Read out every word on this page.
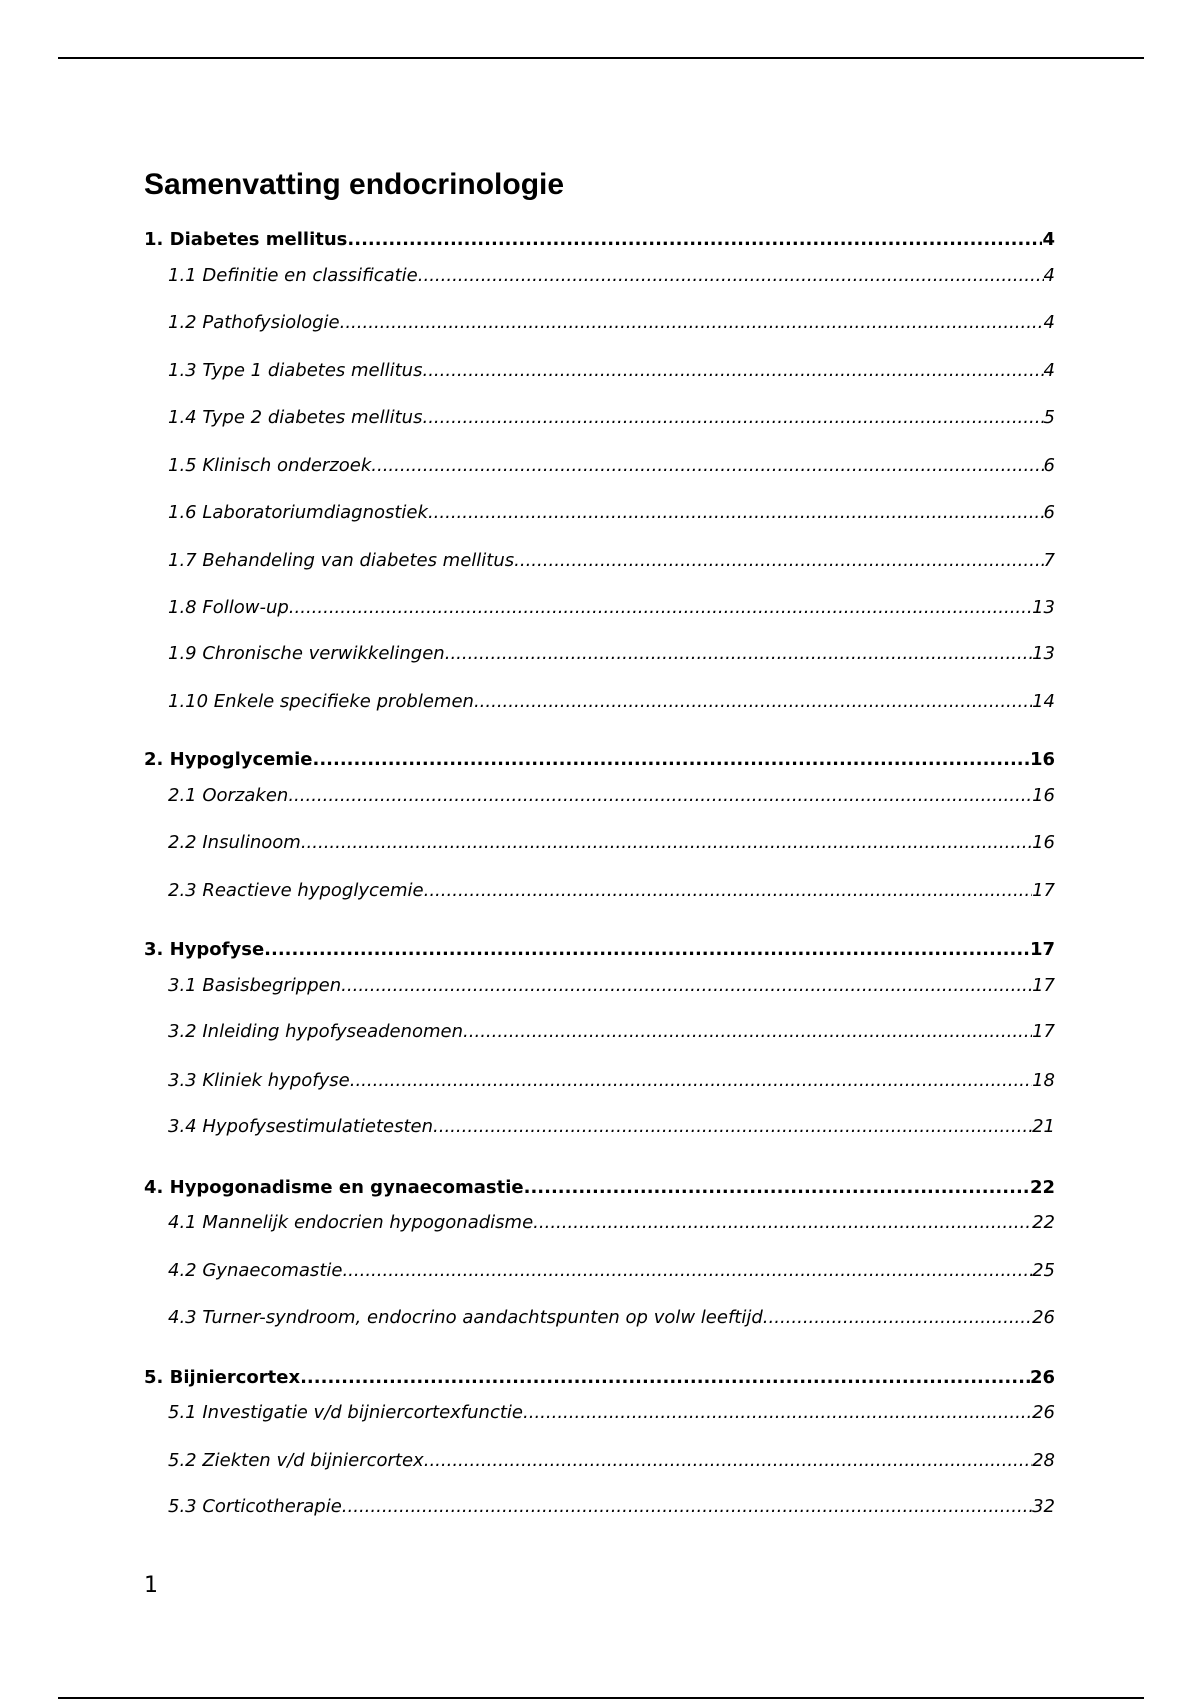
Samenvatting endocrinologie
1. Diabetes mellitus .....	4
1.1 Definitie en classificatie .....	4
1.2 Pathofysiologie .....	4
1.3 Type 1 diabetes mellitus .....	4
1.4 Type 2 diabetes mellitus .....	5
1.5 Klinisch onderzoek .....	6
1.6 Laboratoriumdiagnostiek .....	6
1.7 Behandeling van diabetes mellitus .....	7
1.8 Follow-up .....	13
1.9 Chronische verwikkelingen .....	13
1.10 Enkele specifieke problemen .....	14
2. Hypoglycemie .....	16
2.1 Oorzaken .....	16
2.2 Insulinoom .....	16
2.3 Reactieve hypoglycemie .....	17
3. Hypofyse .....	17
3.1 Basisbegrippen .....	17
3.2 Inleiding hypofyseadenomen .....	17
3.3 Kliniek hypofyse .....	18
3.4 Hypofysestimulatietesten .....	21
4. Hypogonadisme en gynaecomastie .....	22
4.1 Mannelijk endocrien hypogonadisme .....	22
4.2 Gynaecomastie .....	25
4.3 Turner-syndroom, endocrino aandachtspunten op volw leeftijd .....	26
5. Bijniercortex .....	26
5.1 Investigatie v/d bijniercortexfunctie .....	26
5.2 Ziekten v/d bijniercortex .....	28
5.3 Corticotherapie .....	32
1
